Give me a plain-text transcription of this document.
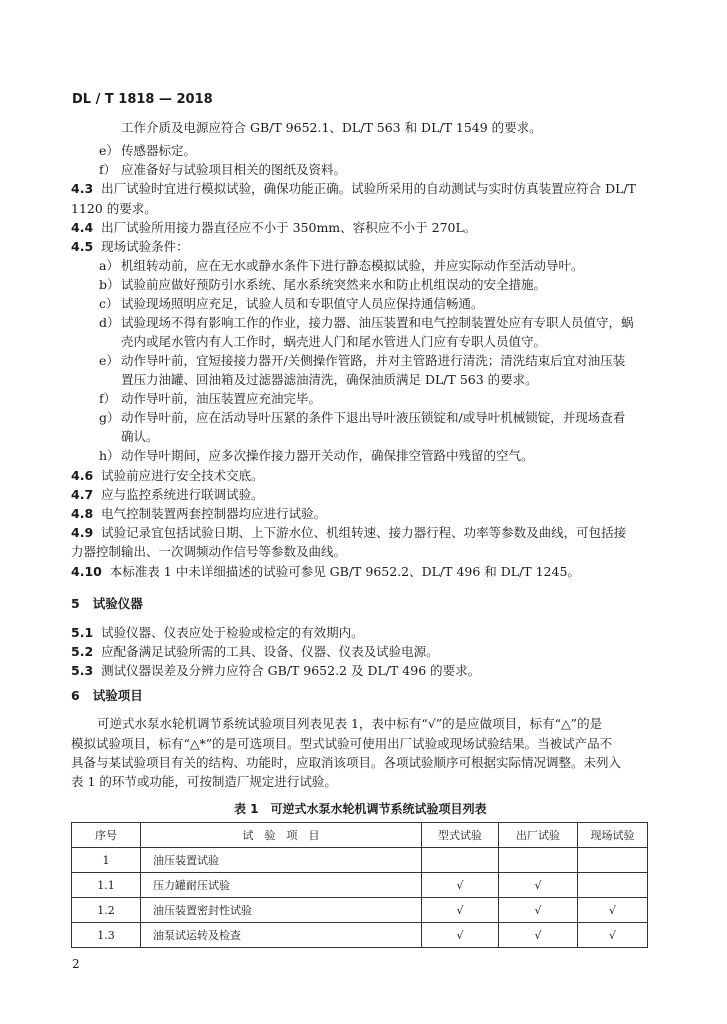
DL / T 1818 — 2018
工作介质及电源应符合 GB/T 9652.1、DL/T 563 和 DL/T 1549 的要求。
e） 传感器标定。
f） 应准备好与试验项目相关的图纸及资料。
4.3 出厂试验时宜进行模拟试验，确保功能正确。试验所采用的自动测试与实时仿真装置应符合 DL/T
1120 的要求。
4.4 出厂试验所用接力器直径应不小于 350mm、容积应不小于 270L。
4.5 现场试验条件：
a） 机组转动前，应在无水或静水条件下进行静态模拟试验，并应实际动作至活动导叶。
b）试验前应做好预防引水系统、尾水系统突然来水和防止机组误动的安全措施。
c） 试验现场照明应充足，试验人员和专职值守人员应保持通信畅通。
d）试验现场不得有影响工作的作业，接力器、油压装置和电气控制装置处应有专职人员值守，蜗
壳内或尾水管内有人工作时，蜗壳进人门和尾水管进人门应有专职人员值守。
e） 动作导叶前，宜短接接力器开/关侧操作管路，并对主管路进行清洗；清洗结束后宜对油压装
置压力油罐、回油箱及过滤器滤油清洗，确保油质满足 DL/T 563 的要求。
f） 动作导叶前，油压装置应充油完毕。
g）动作导叶前，应在活动导叶压紧的条件下退出导叶液压锁锭和/或导叶机械锁锭，并现场查看
确认。
h）动作导叶期间，应多次操作接力器开关动作，确保排空管路中残留的空气。
4.6 试验前应进行安全技术交底。
4.7 应与监控系统进行联调试验。
4.8 电气控制装置两套控制器均应进行试验。
4.9 试验记录宜包括试验日期、上下游水位、机组转速、接力器行程、功率等参数及曲线，可包括接
力器控制输出、一次调频动作信号等参数及曲线。
4.10 本标准表 1 中未详细描述的试验可参见 GB/T 9652.2、DL/T 496 和 DL/T 1245。
5 试验仪器
5.1 试验仪器、仪表应处于检验或检定的有效期内。
5.2 应配备满足试验所需的工具、设备、仪器、仪表及试验电源。
5.3 测试仪器误差及分辨力应符合 GB/T 9652.2 及 DL/T 496 的要求。
6 试验项目
可逆式水泵水轮机调节系统试验项目列表见表 1，表中标有“√”的是应做项目，标有“△”的是
模拟试验项目，标有“△*”的是可选项目。型式试验可使用出厂试验或现场试验结果。当被试产品不
具备与某试验项目有关的结构、功能时，应取消该项目。各项试验顺序可根据实际情况调整。未列入
表 1 的环节或功能，可按制造厂规定进行试验。
表 1　可逆式水泵水轮机调节系统试验项目列表
序号	试　验　项　目	型式试验	出厂试验	现场试验
1	油压装置试验			
1.1	压力罐耐压试验	√	√	
1.2	油压装置密封性试验	√	√	√
1.3	油泵试运转及检查	√	√	√
2
